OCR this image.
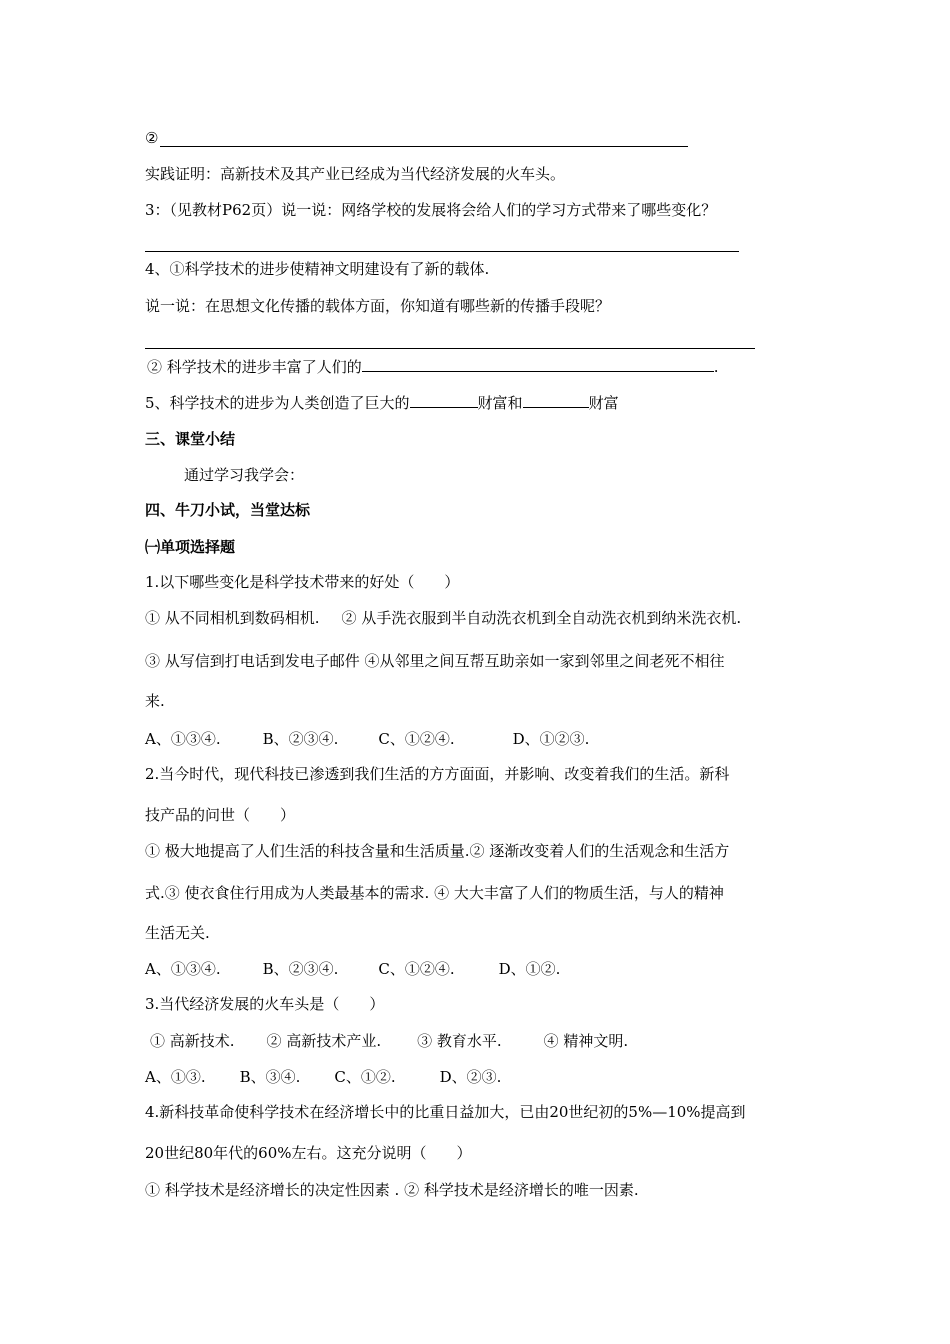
②
实践证明：高新技术及其产业已经成为当代经济发展的火车头。
3：（见教材P62页）说一说：网络学校的发展将会给人们的学习方式带来了哪些变化？
4、①科学技术的进步使精神文明建设有了新的载体.
说一说：在思想文化传播的载体方面，你知道有哪些新的传播手段呢？
② 科学技术的进步丰富了人们的	.
5、科学技术的进步为人类创造了巨大的	财富和	财富
三、课堂小结
通过学习我学会：
四、牛刀小试，当堂达标
㈠单项选择题
1.以下哪些变化是科学技术带来的好处（　　）
① 从不同相机到数码相机. ② 从手洗衣服到半自动洗衣机到全自动洗衣机到纳米洗衣机.
③ 从写信到打电话到发电子邮件 ④从邻里之间互帮互助亲如一家到邻里之间老死不相往
来.
A、①③④.	B、②③④.	C、①②④.	D、①②③.
2.当今时代，现代科技已渗透到我们生活的方方面面，并影响、改变着我们的生活。新科
技产品的问世（　　）
① 极大地提高了人们生活的科技含量和生活质量.② 逐渐改变着人们的生活观念和生活方
式.③ 使衣食住行用成为人类最基本的需求. ④ 大大丰富了人们的物质生活，与人的精神
生活无关.
A、①③④.	B、②③④.	C、①②④.	D、①②.
3.当代经济发展的火车头是（　　）
① 高新技术. ② 高新技术产业. ③ 教育水平.	④ 精神文明.
A、①③. B、③④. C、①②.	D、②③.
4.新科技革命使科学技术在经济增长中的比重日益加大，已由20世纪初的5%—10%提高到
20世纪80年代的60%左右。这充分说明（　　）
① 科学技术是经济增长的决定性因素 . ② 科学技术是经济增长的唯一因素.
